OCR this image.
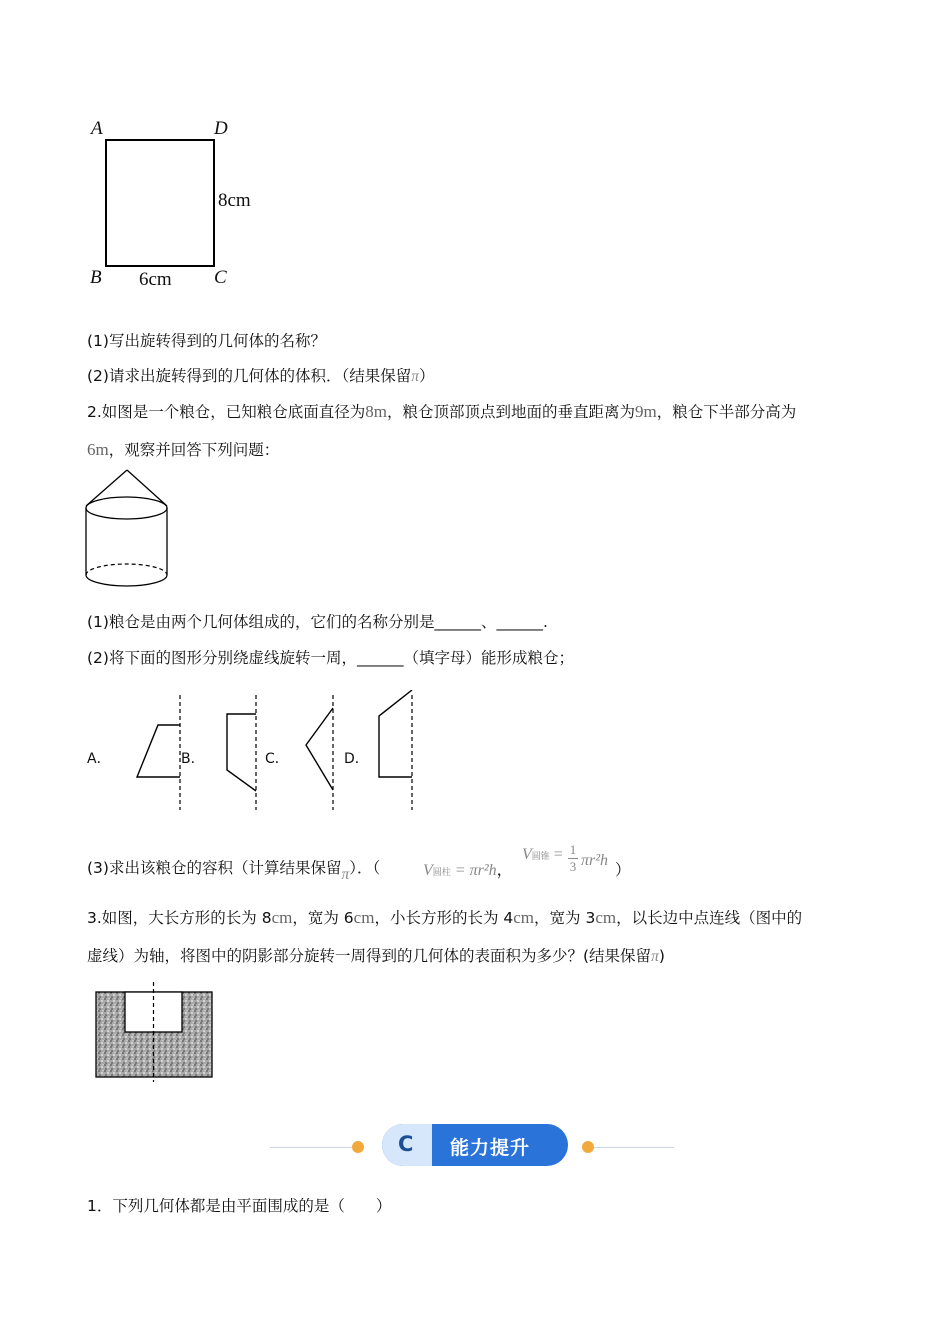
A	D
B	C
8cm
6cm
(1)写出旋转得到的几何体的名称？
(2)请求出旋转得到的几何体的体积．（结果保留π）
2.如图是一个粮仓，已知粮仓底面直径为8m，粮仓顶部顶点到地面的垂直距离为9m，粮仓下半部分高为
6m，观察并回答下列问题：
(1)粮仓是由两个几何体组成的，它们的名称分别是______、______.
(2)将下面的图形分别绕虚线旋转一周，______（填字母）能形成粮仓；
A．	B．	C．	D．
(3)求出该粮仓的容积（计算结果保留π）．（	V圆柱 = πr²h，
V圆锥 = $\frac{1}{3} \pi r^2h$
）
3.如图，大长方形的长为 8cm，宽为 6cm，小长方形的长为 4cm，宽为 3cm，以长边中点连线（图中的
虚线）为轴，将图中的阴影部分旋转一周得到的几何体的表面积为多少？(结果保留π)
C 能力提升
1．下列几何体都是由平面围成的是（　　）
